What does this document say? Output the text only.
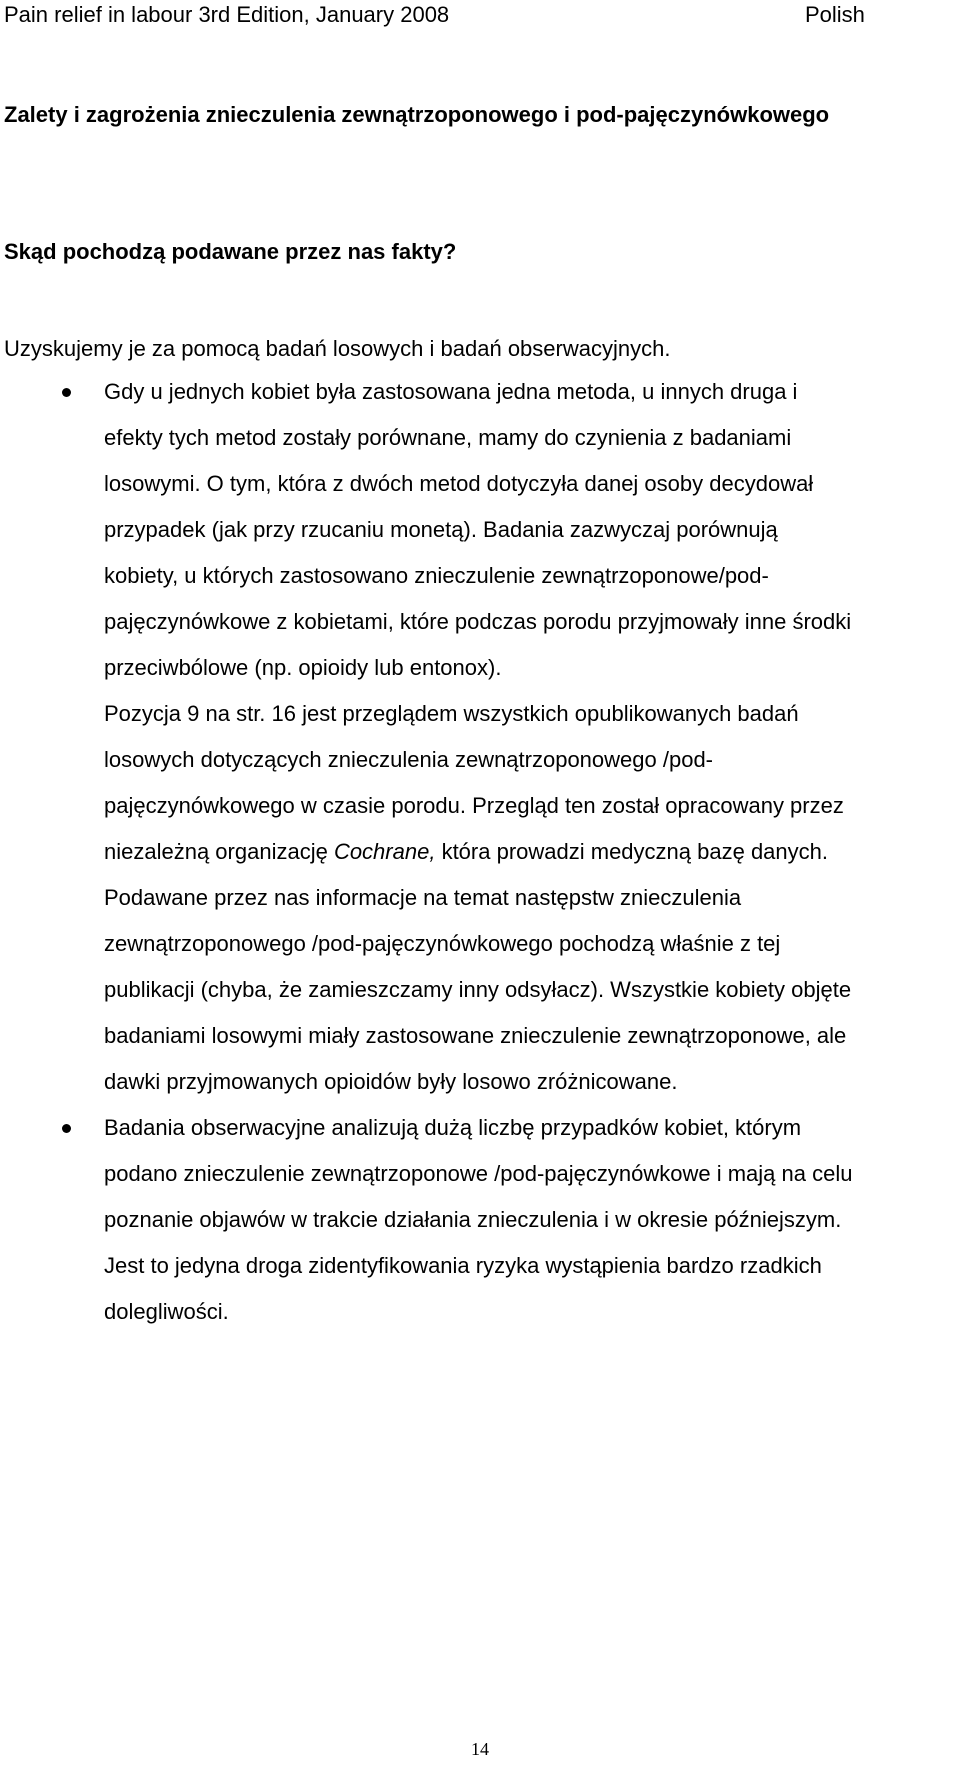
Pain relief in labour 3rd Edition, January 2008	Polish
Zalety i zagrożenia znieczulenia zewnątrzoponowego i pod-pajęczynówkowego
Skąd pochodzą podawane przez nas fakty?

Uzyskujemy je za pomocą badań losowych i badań obserwacyjnych.

Gdy u jednych kobiet była zastosowana jedna metoda, u innych druga i efekty tych metod zostały porównane, mamy do czynienia z badaniami losowymi. O tym, która z dwóch metod dotyczyła danej osoby decydował przypadek (jak przy rzucaniu monetą). Badania zazwyczaj porównują kobiety, u których zastosowano znieczulenie zewnątrzoponowe/pod-pajęczynówkowe z kobietami, które podczas porodu przyjmowały inne środki przeciwbólowe (np. opioidy lub entonox).
Pozycja 9 na str. 16 jest przeglądem wszystkich opublikowanych badań losowych dotyczących znieczulenia zewnątrzoponowego /pod-pajęczynówkowego w czasie porodu. Przegląd ten został opracowany przez niezależną organizację Cochrane, która prowadzi medyczną bazę danych. Podawane przez nas informacje na temat następstw znieczulenia zewnątrzoponowego /pod-pajęczynówkowego pochodzą właśnie z tej publikacji (chyba, że zamieszczamy inny odsyłacz). Wszystkie kobiety objęte badaniami losowymi miały zastosowane znieczulenie zewnątrzoponowe, ale dawki przyjmowanych opioidów były losowo zróżnicowane.
Badania obserwacyjne analizują dużą liczbę przypadków kobiet, którym podano znieczulenie zewnątrzoponowe /pod-pajęczynówkowe i mają na celu poznanie objawów w trakcie działania znieczulenia i w okresie późniejszym. Jest to jedyna droga zidentyfikowania ryzyka wystąpienia bardzo rzadkich dolegliwości.
14
